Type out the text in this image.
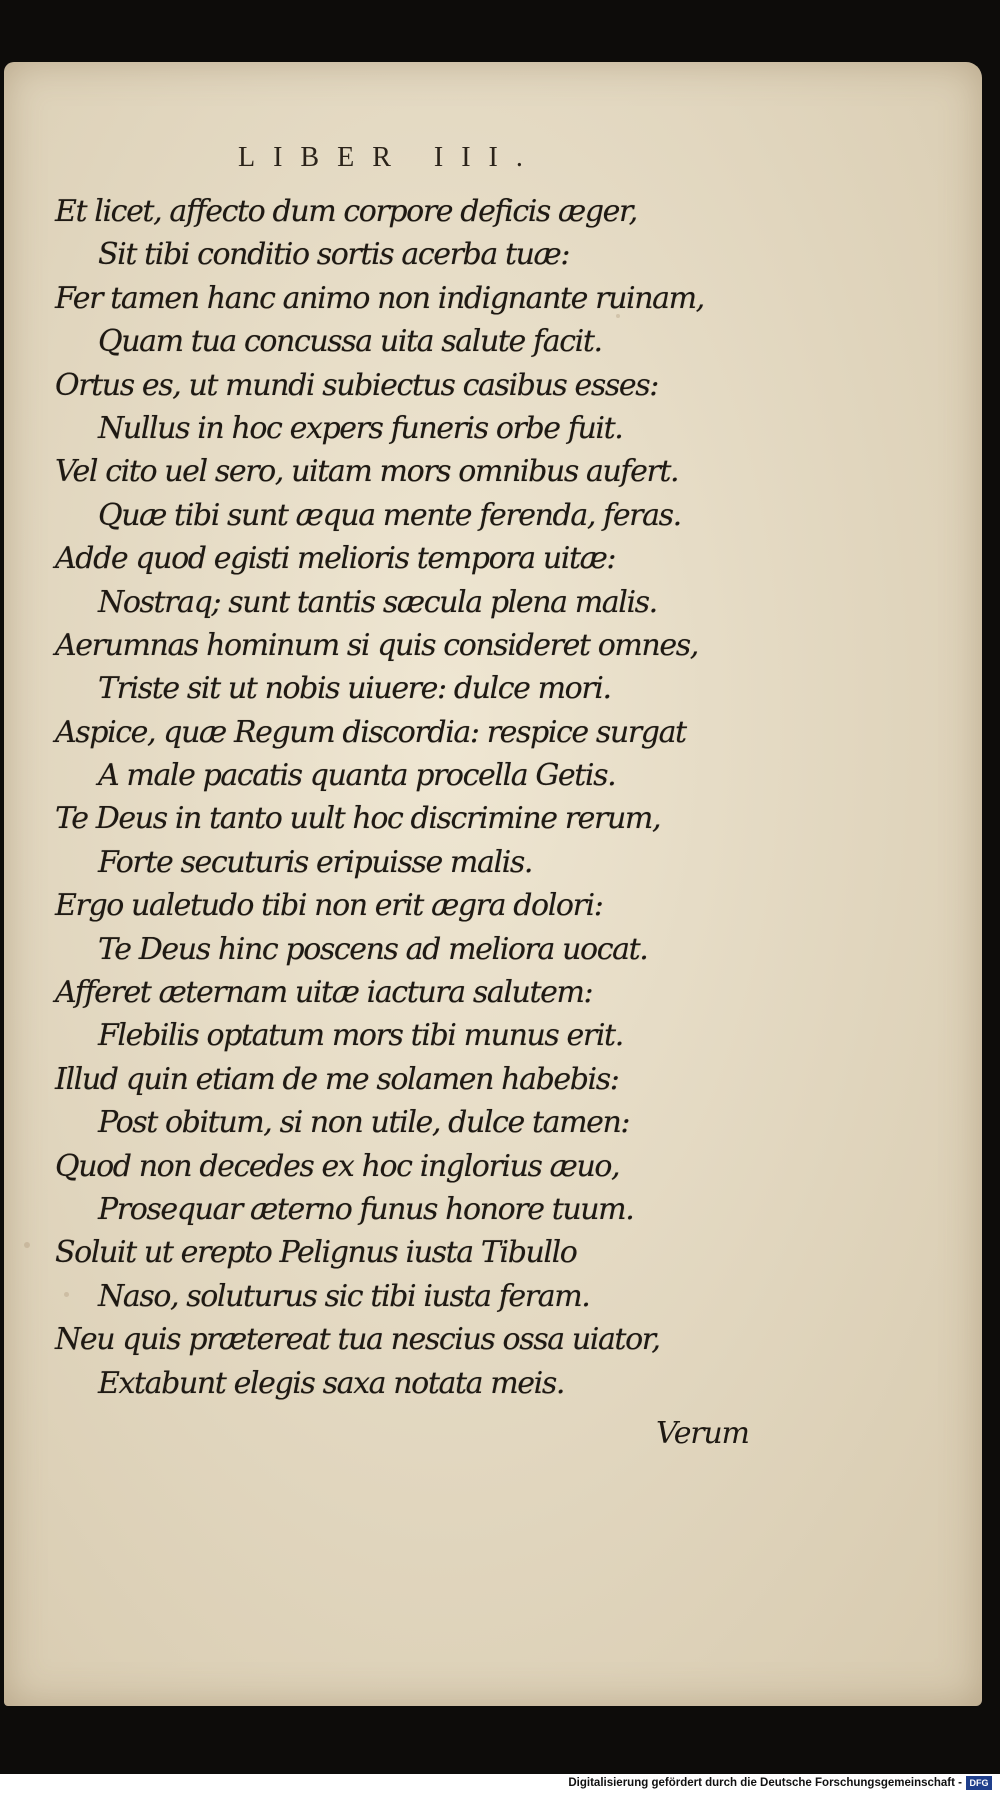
LIBER III.
Et licet, affecto dum corpore deficis æger,
Sit tibi conditio sortis acerba tuæ:
Fer tamen hanc animo non indignante ruinam,
Quam tua concussa uita salute facit.
Ortus es, ut mundi subiectus casibus esses:
Nullus in hoc expers funeris orbe fuit.
Vel cito uel sero, uitam mors omnibus aufert.
Quæ tibi sunt æqua mente ferenda, feras.
Adde quod egisti melioris tempora uitæ:
Nostraq; sunt tantis sæcula plena malis.
Aerumnas hominum si quis consideret omnes,
Triste sit ut nobis uiuere: dulce mori.
Aspice, quæ Regum discordia: respice surgat
A male pacatis quanta procella Getis.
Te Deus in tanto uult hoc discrimine rerum,
Forte secuturis eripuisse malis.
Ergo ualetudo tibi non erit ægra dolori:
Te Deus hinc poscens ad meliora uocat.
Afferet æternam uitæ iactura salutem:
Flebilis optatum mors tibi munus erit.
Illud quin etiam de me solamen habebis:
Post obitum, si non utile, dulce tamen:
Quod non decedes ex hoc inglorius æuo,
Prosequar æterno funus honore tuum.
Soluit ut erepto Pelignus iusta Tibullo
Naso, soluturus sic tibi iusta feram.
Neu quis prætereat tua nescius ossa uiator,
Extabunt elegis saxa notata meis.
Verum
Digitalisierung gefördert durch die Deutsche Forschungsgemeinschaft - DFG
